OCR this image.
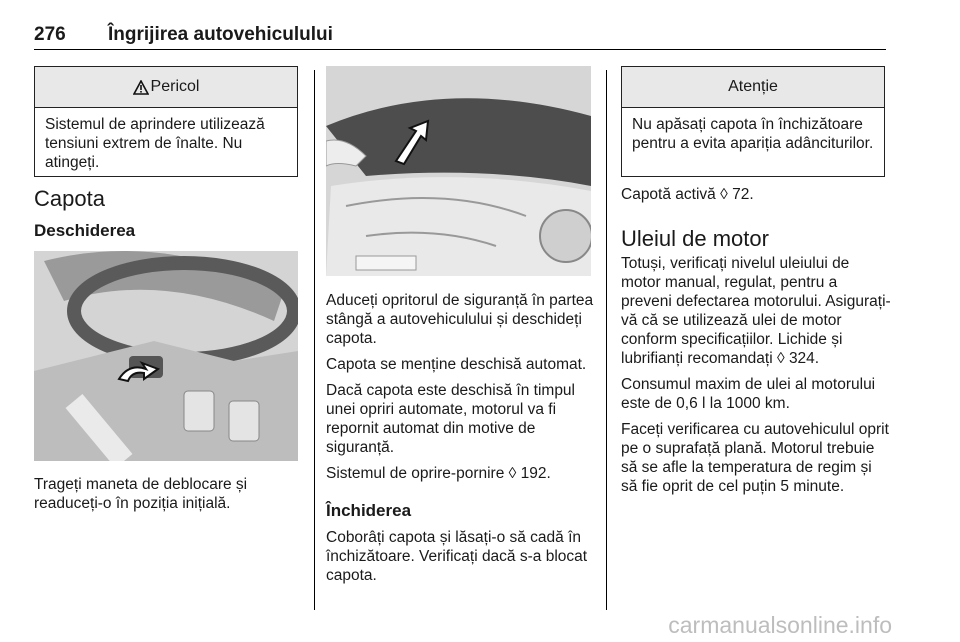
276 Îngrijirea autovehiculului
Pericol
Sistemul de aprindere utilizează tensiuni extrem de înalte. Nu atingeți.
Capota
Deschiderea
Trageți maneta de deblocare și readuceți-o în poziția inițială.

Aduceți opritorul de siguranță în partea stângă a autovehiculului și deschideți capota.

Capota se menține deschisă automat.

Dacă capota este deschisă în timpul unei opriri automate, motorul va fi repornit automat din motive de siguranță.

Sistemul de oprire-pornire ◊ 192.

Închiderea
Coborâți capota și lăsați-o să cadă în închizătoare. Verificați dacă s-a blocat capota.
Atenție
Nu apăsați capota în închizătoare pentru a evita apariția adânciturilor.
Capotă activă ◊ 72.
Uleiul de motor

Totuși, verificați nivelul uleiului de motor manual, regulat, pentru a preveni defectarea motorului. Asigurați-vă că se utilizează ulei de motor conform specificațiilor. Lichide și lubrifianți recomandați ◊ 324.

Consumul maxim de ulei al motorului este de 0,6 l la 1000 km.

Faceți verificarea cu autovehiculul oprit pe o suprafață plană. Motorul trebuie să se afle la temperatura de regim și să fie oprit de cel puțin 5 minute.

carmanualsonline.info
